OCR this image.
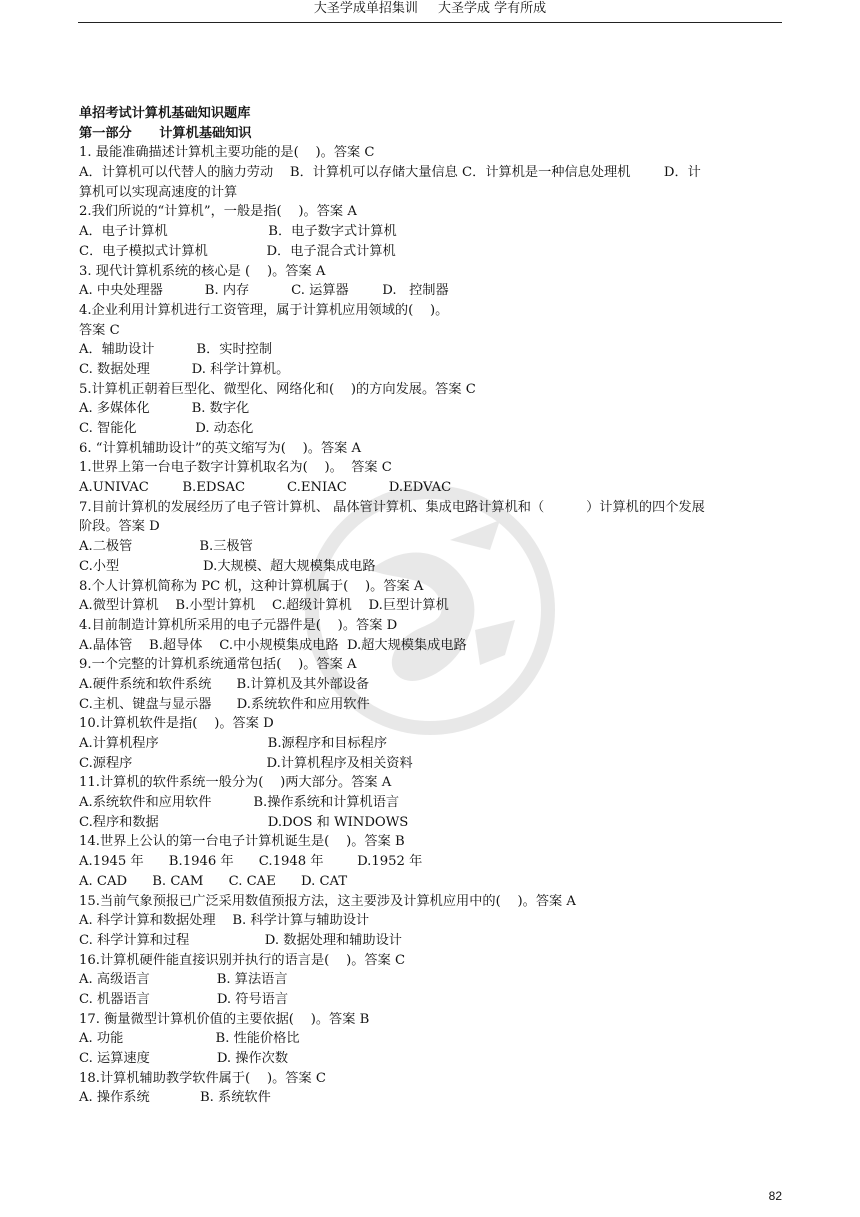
大圣学成单招集训 大圣学成 学有所成
单招考试计算机基础知识题库
第一部分      计算机基础知识
1. 最能准确描述计算机主要功能的是(    )。答案 C
A．计算机可以代替人的脑力劳动    B．计算机可以存储大量信息 C．计算机是一种信息处理机        D．计
算机可以实现高速度的计算
2.我们所说的“计算机”，一般是指(    )。答案 A
A．电子计算机                        B．电子数字式计算机
C．电子模拟式计算机              D．电子混合式计算机
3. 现代计算机系统的核心是 (    )。答案 A
A. 中央处理器          B. 内存          C. 运算器        D.   控制器
4.企业利用计算机进行工资管理，属于计算机应用领域的(    )。
答案 C
A．辅助设计          B．实时控制
C. 数据处理          D. 科学计算机。
5.计算机正朝着巨型化、微型化、网络化和(    )的方向发展。答案 C
A. 多媒体化          B. 数字化
C. 智能化              D. 动态化
6. “计算机辅助设计”的英文缩写为(    )。答案 A
1.世界上第一台电子数字计算机取名为(    )。  答案 C
A.UNIVAC        B.EDSAC          C.ENIAC          D.EDVAC
7.目前计算机的发展经历了电子管计算机、 晶体管计算机、集成电路计算机和（          ）计算机的四个发展
阶段。答案 D
A.二极管                B.三极管
C.小型                    D.大规模、超大规模集成电路
8.个人计算机简称为 PC 机，这种计算机属于(    )。答案 A
A.微型计算机    B.小型计算机    C.超级计算机    D.巨型计算机
4.目前制造计算机所采用的电子元器件是(    )。答案 D
A.晶体管    B.超导体    C.中小规模集成电路  D.超大规模集成电路
9.一个完整的计算机系统通常包括(    )。答案 A
A.硬件系统和软件系统      B.计算机及其外部设备
C.主机、键盘与显示器      D.系统软件和应用软件
10.计算机软件是指(    )。答案 D
A.计算机程序                          B.源程序和目标程序
C.源程序                                D.计算机程序及相关资料
11.计算机的软件系统一般分为(    )两大部分。答案 A
A.系统软件和应用软件          B.操作系统和计算机语言
C.程序和数据                          D.DOS 和 WINDOWS
14.世界上公认的第一台电子计算机诞生是(    )。答案 B
A.1945 年      B.1946 年      C.1948 年        D.1952 年
A. CAD      B. CAM      C. CAE      D. CAT
15.当前气象预报已广泛采用数值预报方法，这主要涉及计算机应用中的(    )。答案 A
A. 科学计算和数据处理    B. 科学计算与辅助设计
C. 科学计算和过程                  D. 数据处理和辅助设计
16.计算机硬件能直接识别并执行的语言是(    )。答案 C
A. 高级语言                B. 算法语言
C. 机器语言                D. 符号语言
17. 衡量微型计算机价值的主要依据(    )。答案 B
A. 功能                      B. 性能价格比
C. 运算速度                D. 操作次数
18.计算机辅助教学软件属于(    )。答案 C
A. 操作系统            B. 系统软件
82
